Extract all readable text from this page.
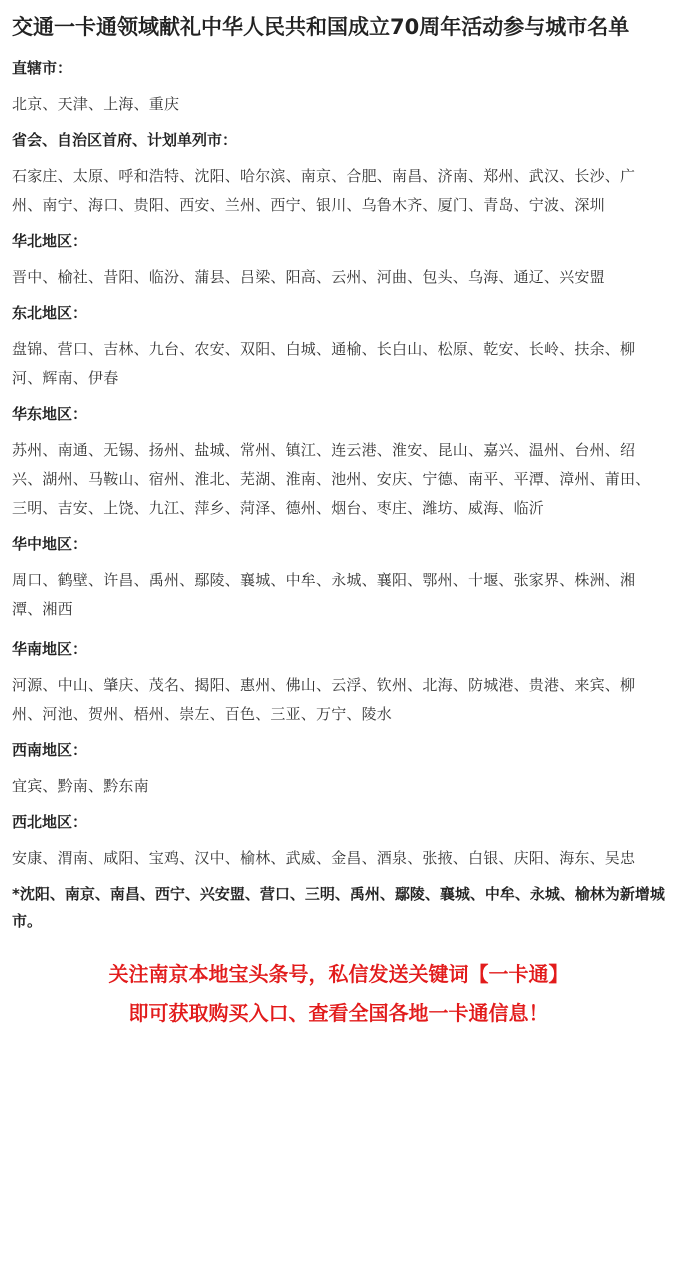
交通一卡通领域献礼中华人民共和国成立70周年活动参与城市名单

直辖市：

北京、天津、上海、重庆

省会、自治区首府、计划单列市：

石家庄、太原、呼和浩特、沈阳、哈尔滨、南京、合肥、南昌、济南、郑州、武汉、长沙、广州、南宁、海口、贵阳、西安、兰州、西宁、银川、乌鲁木齐、厦门、青岛、宁波、深圳

华北地区：

晋中、榆社、昔阳、临汾、蒲县、吕梁、阳高、云州、河曲、包头、乌海、通辽、兴安盟

东北地区：

盘锦、营口、吉林、九台、农安、双阳、白城、通榆、长白山、松原、乾安、长岭、扶余、柳河、辉南、伊春

华东地区：

苏州、南通、无锡、扬州、盐城、常州、镇江、连云港、淮安、昆山、嘉兴、温州、台州、绍兴、湖州、马鞍山、宿州、淮北、芜湖、淮南、池州、安庆、宁德、南平、平潭、漳州、莆田、三明、吉安、上饶、九江、萍乡、菏泽、德州、烟台、枣庄、潍坊、威海、临沂

华中地区：

周口、鹤壁、许昌、禹州、鄢陵、襄城、中牟、永城、襄阳、鄂州、十堰、张家界、株洲、湘潭、湘西

华南地区：

河源、中山、肇庆、茂名、揭阳、惠州、佛山、云浮、钦州、北海、防城港、贵港、来宾、柳州、河池、贺州、梧州、崇左、百色、三亚、万宁、陵水

西南地区：

宜宾、黔南、黔东南

西北地区：

安康、渭南、咸阳、宝鸡、汉中、榆林、武威、金昌、酒泉、张掖、白银、庆阳、海东、吴忠

*沈阳、南京、南昌、西宁、兴安盟、营口、三明、禹州、鄢陵、襄城、中牟、永城、榆林为新增城市。

关注南京本地宝头条号，私信发送关键词【一卡通】

即可获取购买入口、查看全国各地一卡通信息！
